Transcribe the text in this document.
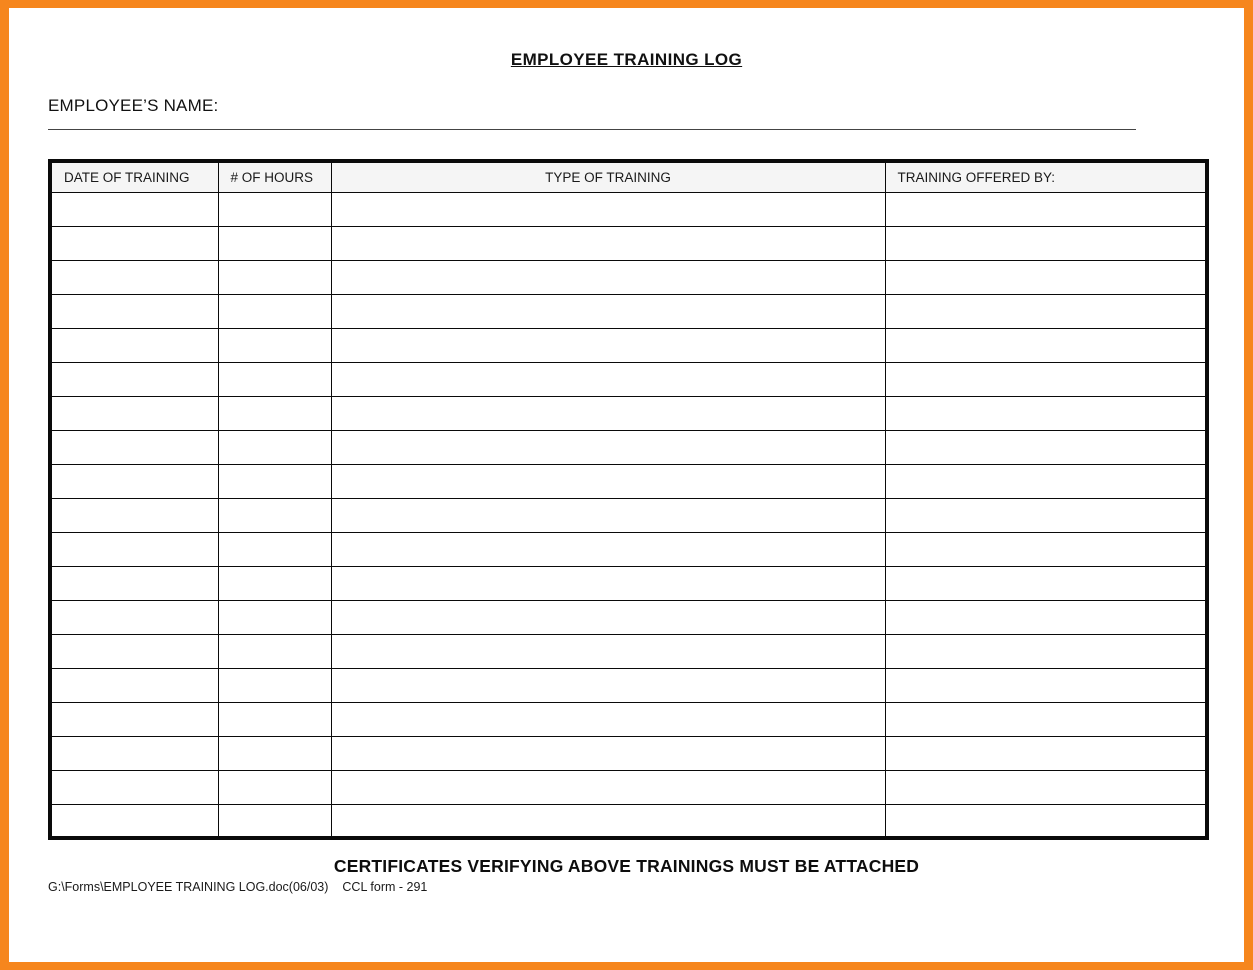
EMPLOYEE TRAINING LOG
EMPLOYEE’S NAME:
DATE OF TRAINING	# OF HOURS	TYPE OF TRAINING	TRAINING OFFERED BY:

CERTIFICATES VERIFYING ABOVE TRAININGS MUST BE ATTACHED
G:\Forms\EMPLOYEE TRAINING LOG.doc(06/03) CCL form - 291
